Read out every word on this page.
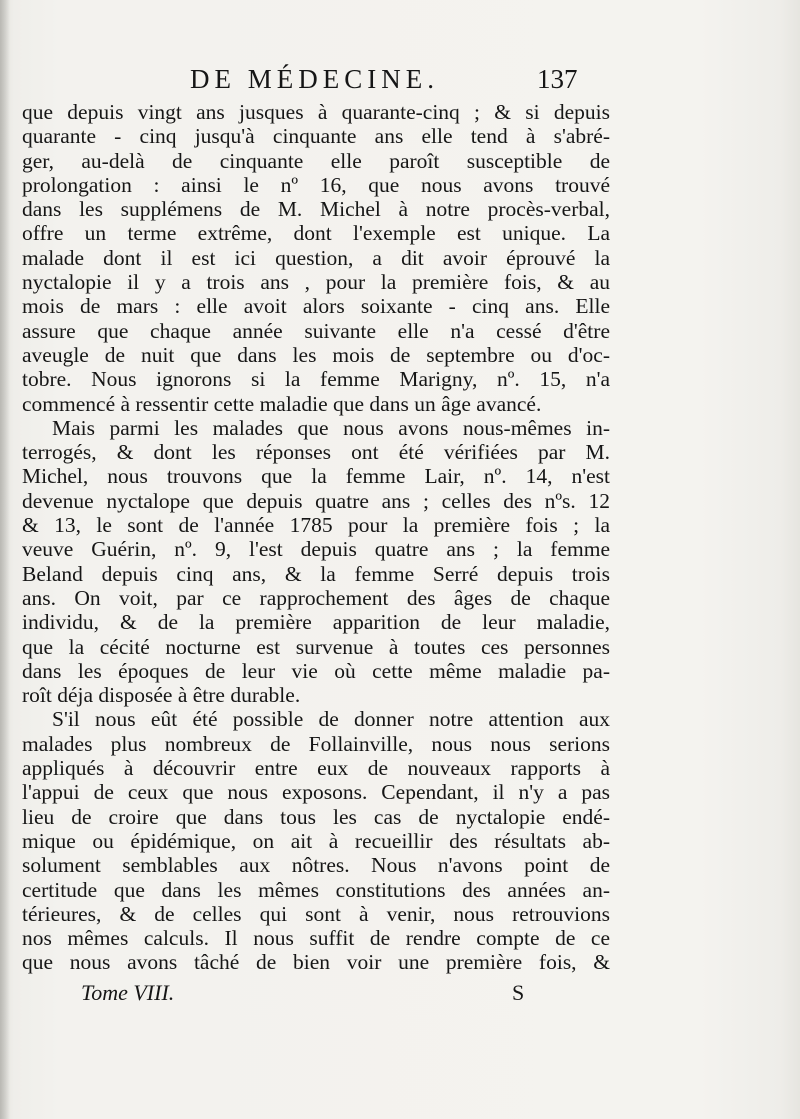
DE MÉDECINE.	137
que depuis vingt ans jusques à quarante-cinq ; & si depuis
quarante - cinq jusqu'à cinquante ans elle tend à s'abré-
ger, au-delà de cinquante elle paroît susceptible de
prolongation : ainsi le nº 16, que nous avons trouvé
dans les supplémens de M. Michel à notre procès-verbal,
offre un terme extrême, dont l'exemple est unique. La
malade dont il est ici question, a dit avoir éprouvé la
nyctalopie il y a trois ans , pour la première fois, & au
mois de mars : elle avoit alors soixante - cinq ans. Elle
assure que chaque année suivante elle n'a cessé d'être
aveugle de nuit que dans les mois de septembre ou d'oc-
tobre. Nous ignorons si la femme Marigny, nº. 15, n'a
commencé à ressentir cette maladie que dans un âge avancé.
Mais parmi les malades que nous avons nous-mêmes in-
terrogés, & dont les réponses ont été vérifiées par M.
Michel, nous trouvons que la femme Lair, nº. 14, n'est
devenue nyctalope que depuis quatre ans ; celles des nºs. 12
& 13, le sont de l'année 1785 pour la première fois ; la
veuve Guérin, nº. 9, l'est depuis quatre ans ; la femme
Beland depuis cinq ans, & la femme Serré depuis trois
ans. On voit, par ce rapprochement des âges de chaque
individu, & de la première apparition de leur maladie,
que la cécité nocturne est survenue à toutes ces personnes
dans les époques de leur vie où cette même maladie pa-
roît déja disposée à être durable.
S'il nous eût été possible de donner notre attention aux
malades plus nombreux de Follainville, nous nous serions
appliqués à découvrir entre eux de nouveaux rapports à
l'appui de ceux que nous exposons. Cependant, il n'y a pas
lieu de croire que dans tous les cas de nyctalopie endé-
mique ou épidémique, on ait à recueillir des résultats ab-
solument semblables aux nôtres. Nous n'avons point de
certitude que dans les mêmes constitutions des années an-
térieures, & de celles qui sont à venir, nous retrouvions
nos mêmes calculs. Il nous suffit de rendre compte de ce
que nous avons tâché de bien voir une première fois, &
Tome VIII.	S
